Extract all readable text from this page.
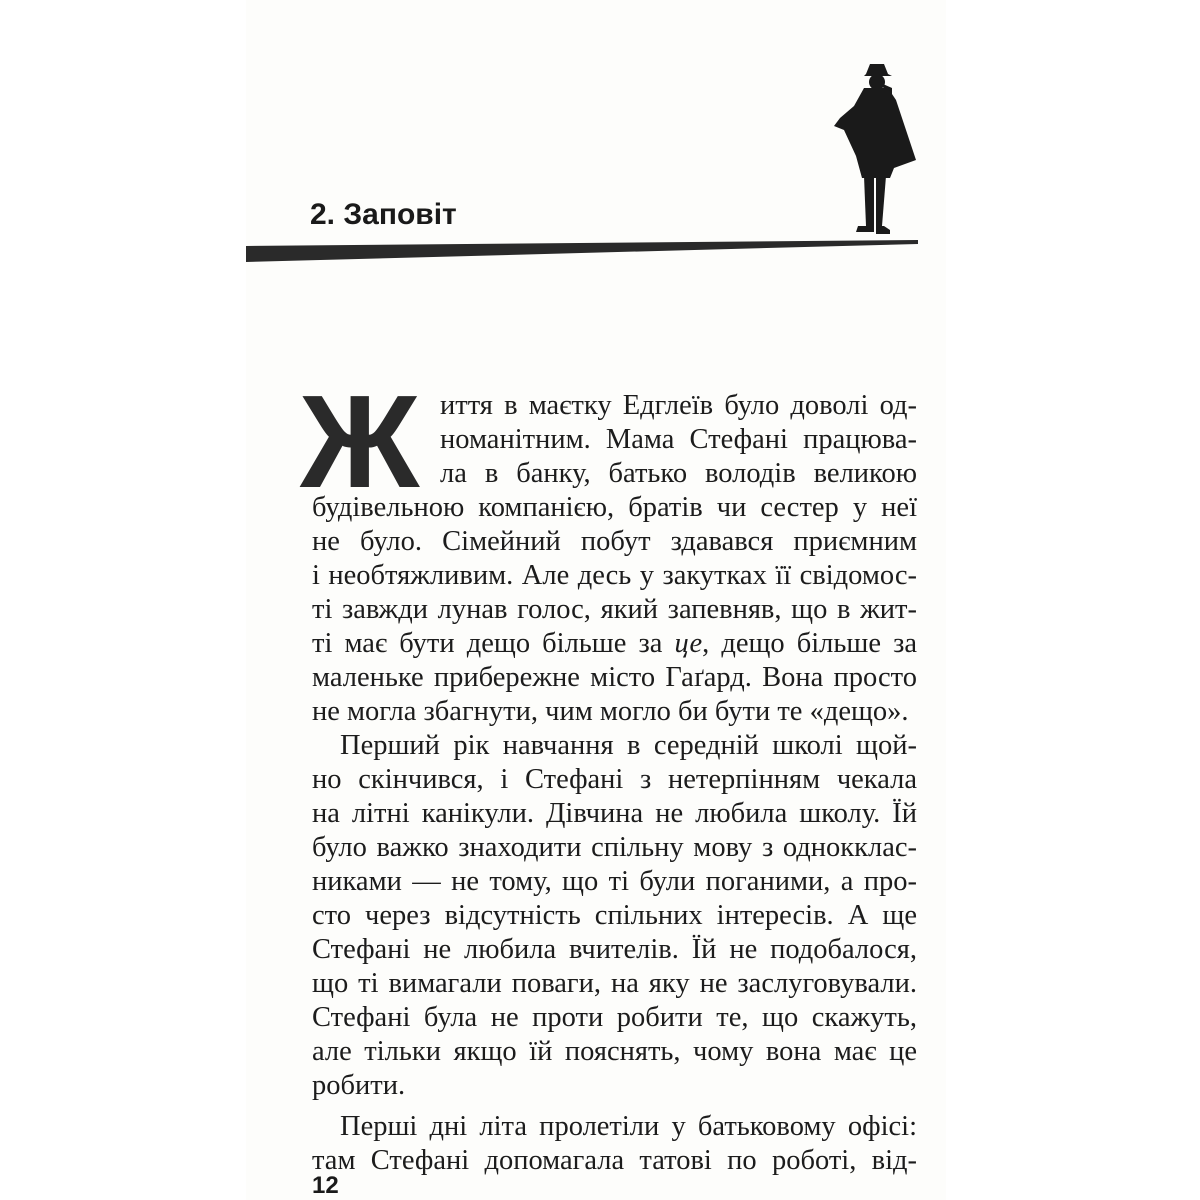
2. Заповіт
Ж иття в маєтку Едглеїв було доволі од-
номанітним. Мама Стефані працюва-
ла в банку, батько володів великою
будівельною компанією, братів чи сестер у неї
не було. Сімейний побут здавався приємним
і необтяжливим. Але десь у закутках її свідомос-
ті завжди лунав голос, який запевняв, що в жит-
ті має бути дещо більше за це, дещо більше за
маленьке прибережне місто Гаґард. Вона просто
не могла збагнути, чим могло би бути те «дещо».
Перший рік навчання в середній школі щой-
но скінчився, і Стефані з нетерпінням чекала
на літні канікули. Дівчина не любила школу. Їй
було важко знаходити спільну мову з однокклас-
никами — не тому, що ті були поганими, а про-
сто через відсутність спільних інтересів. А ще
Стефані не любила вчителів. Їй не подобалося,
що ті вимагали поваги, на яку не заслуговували.
Стефані була не проти робити те, що скажуть,
але тільки якщо їй пояснять, чому вона має це
робити.
Перші дні літа пролетіли у батьковому офісі:
там Стефані допомагала татові по роботі, від-
12
